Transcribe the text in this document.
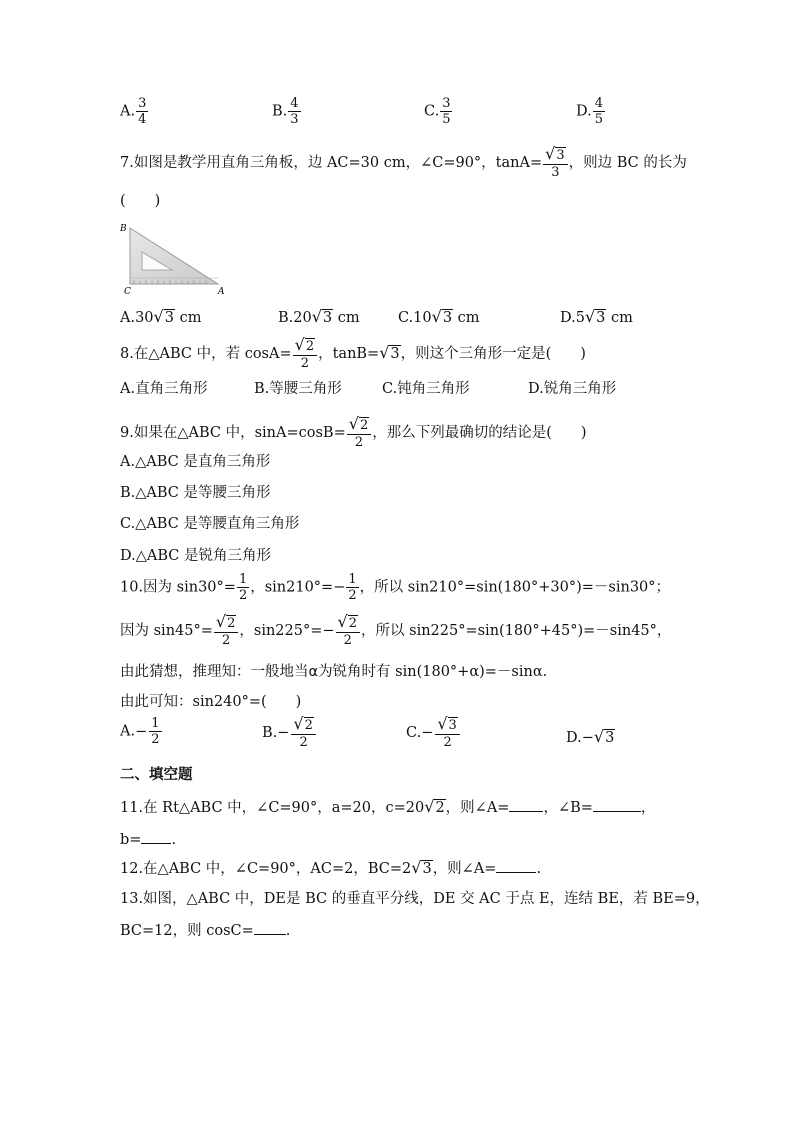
A. $\frac{3}{4}$	B. $\frac{4}{3}$	C. $\frac{3}{5}$	D. $\frac{4}{5}$
7.如图是教学用直角三角板，边 AC=30 cm，∠C=90°，$\tan A= \frac{√3}{3}$ ，则边 BC 的长为
(　　)
B
C	A
A.30√3 cm	B.20√3 cm	C.10√3 cm	D.5√3 cm
8.在△ABC 中，若 $\cos A= \frac{√2}{2}$ ，tanB=√3，则这个三角形一定是(　　)
A.直角三角形	B.等腰三角形	C.钝角三角形	D.锐角三角形
9.如果在△ABC 中，$\sin A=\cos B= \frac{√2}{2}$ ，那么下列最确切的结论是(　　)
A.△ABC 是直角三角形
B.△ABC 是等腰三角形
C.△ABC 是等腰直角三角形
D.△ABC 是锐角三角形
10.因为 $\sin 30^\circ= \frac{1}{2}$ ，$\sin 210^\circ=- \frac{1}{2}$ ，所以 sin210°=sin(180°+30°)=－sin30°；
因为 $\sin 45^\circ= \frac{√2}{2}$ ，$\sin 225^\circ=- \frac{√2}{2}$ ，所以 sin225°=sin(180°+45°)=－sin45°，
由此猜想，推理知：一般地当α为锐角时有 sin(180°+α)=－sinα.
由此可知：sin240°=(　　)
$A.- \frac{1}{2}$	$B.- \frac{√2}{2}$	$C.- \frac{√3}{2}$	D.−√3
二、填空题
11.在 Rt△ABC 中，∠C=90°，a=20，c=20√2，则∠A= ，∠B=	，
b= .
12.在△ABC 中，∠C=90°，AC=2，BC=2√3，则∠A=	.
13.如图，△ABC 中，DE是 BC 的垂直平分线，DE 交 AC 于点 E，连结 BE，若 BE=9，
BC=12，则 cosC= .
